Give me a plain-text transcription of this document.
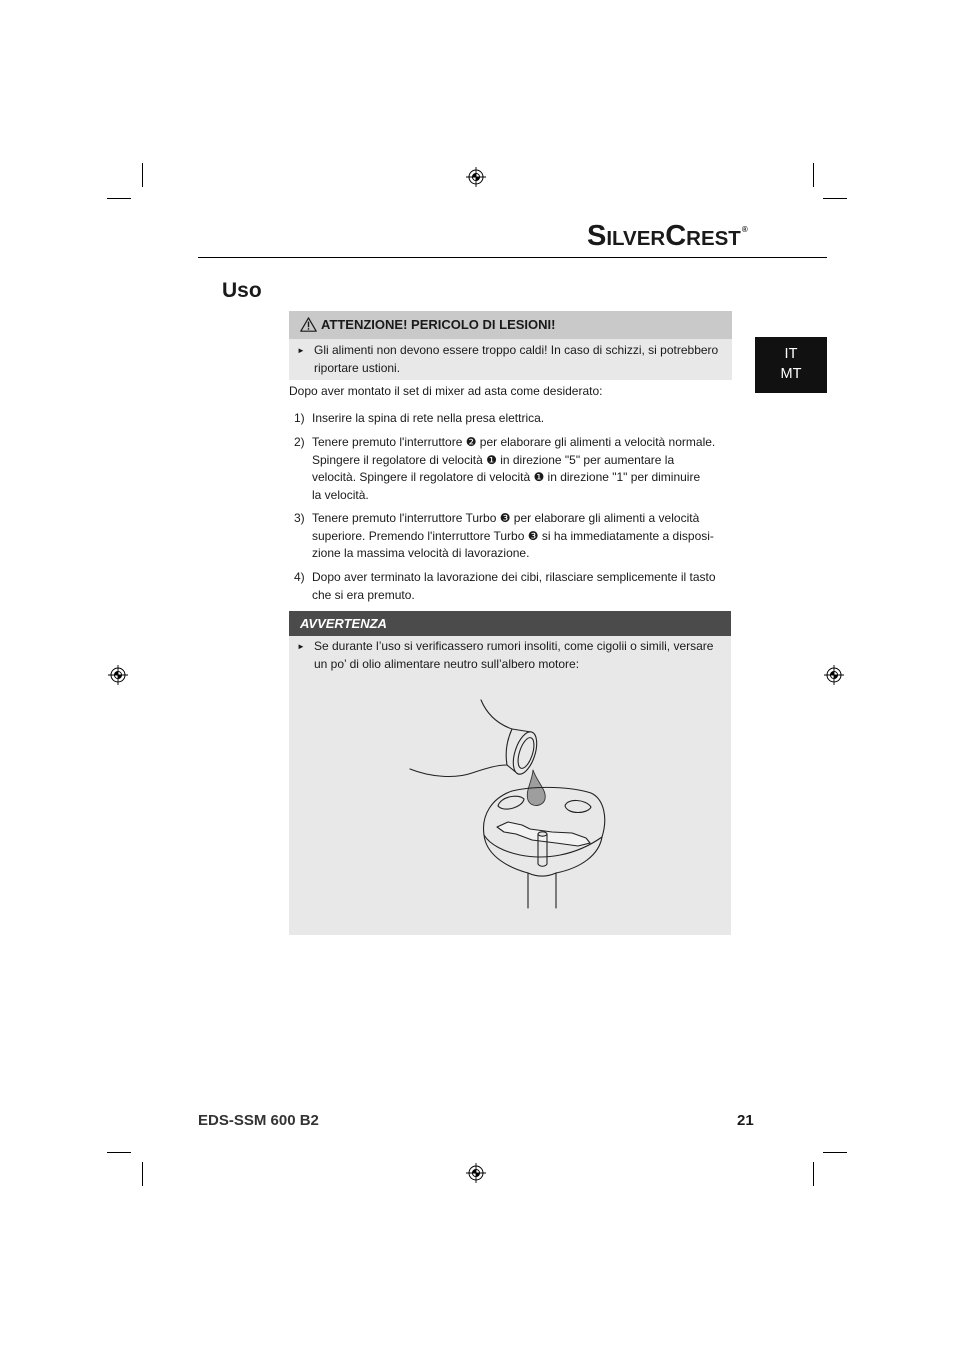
SILVERCREST®
Uso
IT
MT
ATTENZIONE! PERICOLO DI LESIONI!
► Gli alimenti non devono essere troppo caldi! In caso di schizzi, si potrebbero
riportare ustioni.
Dopo aver montato il set di mixer ad asta come desiderato:
1) Inserire la spina di rete nella presa elettrica.
2) Tenere premuto l'interruttore ❷ per elaborare gli alimenti a velocità normale.
Spingere il regolatore di velocità ❶ in direzione "5" per aumentare la
velocità. Spingere il regolatore di velocità ❶ in direzione "1" per diminuire
la velocità.
3) Tenere premuto l'interruttore Turbo ❸ per elaborare gli alimenti a velocità
superiore. Premendo l'interruttore Turbo ❸ si ha immediatamente a disposi-
zione la massima velocità di lavorazione.
4) Dopo aver terminato la lavorazione dei cibi, rilasciare semplicemente il tasto
che si era premuto.
AVVERTENZA
► Se durante l’uso si verificassero rumori insoliti, come cigolii o simili, versare
un po’ di olio alimentare neutro sull’albero motore:
EDS-SSM 600 B2	21
